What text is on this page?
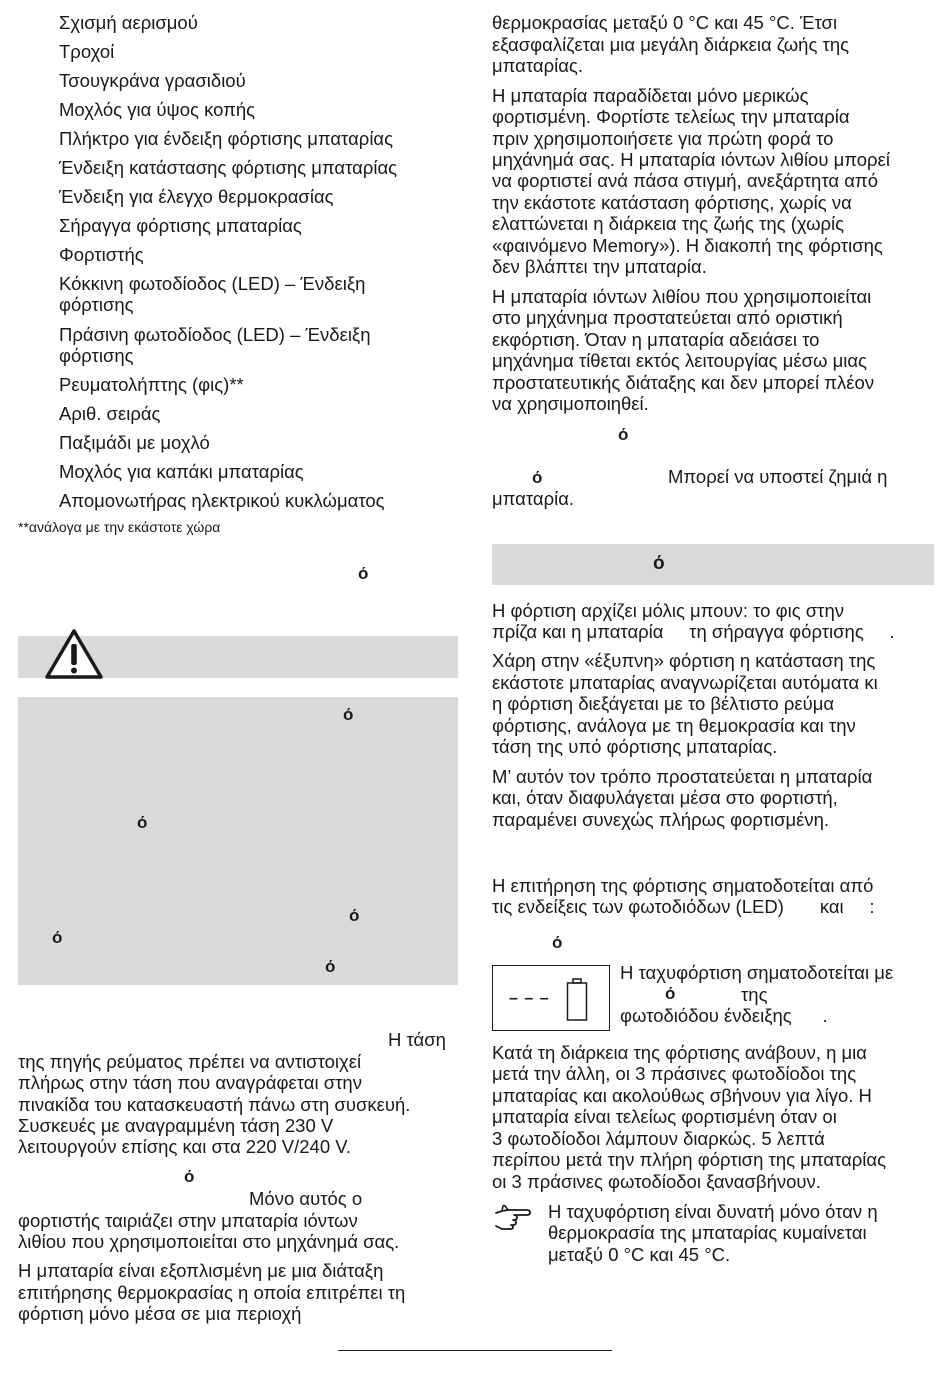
Σχισμή αερισμού
Τροχοί
Τσουγκράνα γρασιδιού
Μοχλός για ύψος κοπής
Πλήκτρο για ένδειξη φόρτισης μπαταρίας
Ένδειξη κατάστασης φόρτισης μπαταρίας
Ένδειξη για έλεγχο θερμοκρασίας
Σήραγγα φόρτισης μπαταρίας
Φορτιστής
Κόκκινη φωτοδίοδος (LED) – Ένδειξη
φόρτισης
Πράσινη φωτοδίοδος (LED) – Ένδειξη
φόρτισης
Ρευματολήπτης (φις)**
Αριθ. σειράς
Παξιμάδι με μοχλό
Μοχλός για καπάκι μπαταρίας
Απομονωτήρας ηλεκτρικού κυκλώματος
**ανάλογα με την εκάστοτε χώρα
ό
ό
ό
ό
ό
ό
Η τάση
της πηγής ρεύματος πρέπει να αντιστοιχεί
πλήρως στην τάση που αναγράφεται στην
πινακίδα του κατασκευαστή πάνω στη συσκευή.
Συσκευές με αναγραμμένη τάση 230 V
λειτουργούν επίσης και στα 220 V/240 V.
ό
Μόνο αυτός ο
φορτιστής ταιριάζει στην μπαταρία ιόντων
λιθίου που χρησιμοποιείται στο μηχάνημά σας.
Η μπαταρία είναι εξοπλισμένη με μια διάταξη
επιτήρησης θερμοκρασίας η οποία επιτρέπει τη
φόρτιση μόνο μέσα σε μια περιοχή
θερμοκρασίας μεταξύ 0 °C και 45 °C. Έτσι
εξασφαλίζεται μια μεγάλη διάρκεια ζωής της
μπαταρίας.
Η μπαταρία παραδίδεται μόνο μερικώς
φορτισμένη. Φορτίστε τελείως την μπαταρία
πριν χρησιμοποιήσετε για πρώτη φορά το
μηχάνημά σας. Η μπαταρία ιόντων λιθίου μπορεί
να φορτιστεί ανά πάσα στιγμή, ανεξάρτητα από
την εκάστοτε κατάσταση φόρτισης, χωρίς να
ελαττώνεται η διάρκεια της ζωής της (χωρίς
«φαινόμενο Memory»). Η διακοπή της φόρτισης
δεν βλάπτει την μπαταρία.
Η μπαταρία ιόντων λιθίου που χρησιμοποιείται
στο μηχάνημα προστατεύεται από οριστική
εκφόρτιση. Όταν η μπαταρία αδειάσει το
μηχάνημα τίθεται εκτός λειτουργίας μέσω μιας
προστατευτικής διάταξης και δεν μπορεί πλέον
να χρησιμοποιηθεί.
ό
ό	Μπορεί να υποστεί ζημιά η
μπαταρία.
ό
Η φόρτιση αρχίζει μόλις μπουν: το φις στην
πρίζα και η μπαταρία     τη σήραγγα φόρτισης     .
Χάρη στην «έξυπνη» φόρτιση η κατάσταση της
εκάστοτε μπαταρίας αναγνωρίζεται αυτόματα κι
η φόρτιση διεξάγεται με το βέλτιστο ρεύμα
φόρτισης, ανάλογα με τη θεμοκρασία και την
τάση της υπό φόρτισης μπαταρίας.
Μ’ αυτόν τον τρόπο προστατεύεται η μπαταρία
και, όταν διαφυλάγεται μέσα στο φορτιστή,
παραμένει συνεχώς πλήρως φορτισμένη.
Η επιτήρηση της φόρτισης σηματοδοτείται από
τις ενδείξεις των φωτοδιόδων (LED)       και     :
ό
– – –
Η ταχυφόρτιση σηματοδοτείται με
ό	της
φωτοδιόδου ένδειξης      .
Κατά τη διάρκεια της φόρτισης ανάβουν, η μια
μετά την άλλη, οι 3 πράσινες φωτοδίοδοι της
μπαταρίας και ακολούθως σβήνουν για λίγο. Η
μπαταρία είναι τελείως φορτισμένη όταν οι
3 φωτοδίοδοι λάμπουν διαρκώς. 5 λεπτά
περίπου μετά την πλήρη φόρτιση της μπαταρίας
οι 3 πράσινες φωτοδίοδοι ξανασβήνουν.
Η ταχυφόρτιση είναι δυνατή μόνο όταν η
θερμοκρασία της μπαταρίας κυμαίνεται
μεταξύ 0 °C και 45 °C.
